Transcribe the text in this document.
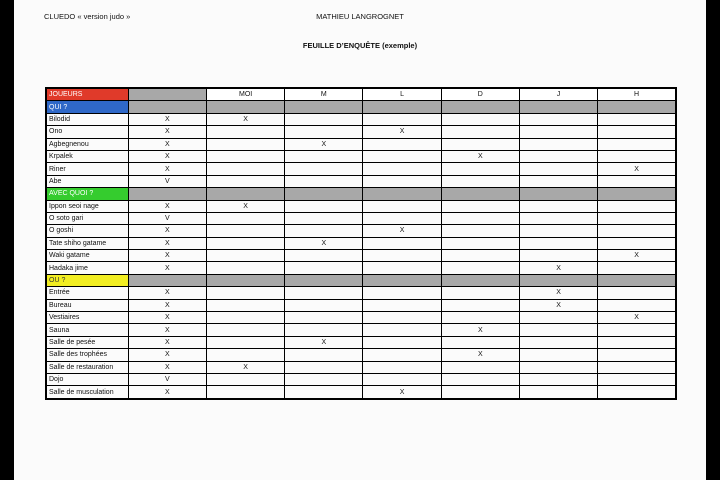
CLUEDO « version judo »	MATHIEU LANGROGNET
FEUILLE D’ENQUÊTE (exemple)
JOUEURS		MOI	M	L	D	J	H
QUI ?							
Bilodid	X	X					
Ono	X			X			
Agbegnenou	X		X				
Krpalek	X				X		
Riner	X						X
Abe	V						
AVEC QUOI ?							
Ippon seoi nage	X	X					
O soto gari	V						
O goshi	X			X			
Tate shiho gatame	X		X				
Waki gatame	X						X
Hadaka jime	X					X	
OU ?							
Entrée	X					X	
Bureau	X					X	
Vestiaires	X						X
Sauna	X				X		
Salle de pesée	X		X				
Salle des trophées	X				X		
Salle de restauration	X	X					
Dojo	V						
Salle de musculation	X			X			
